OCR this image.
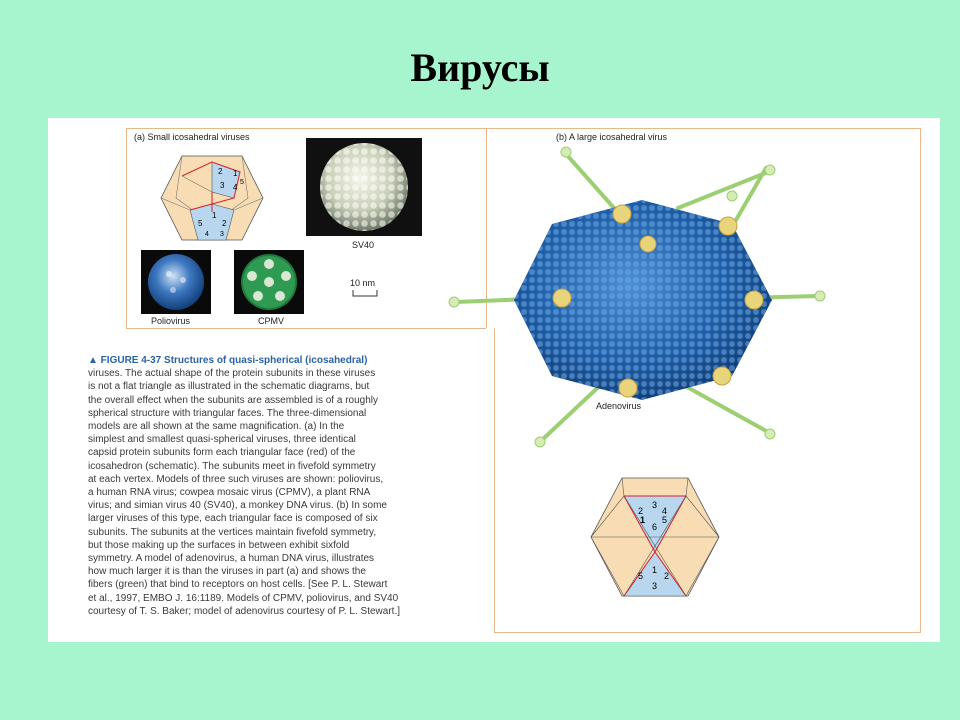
Вирусы
(a) Small icosahedral viruses	(b) A large icosahedral virus
2 1
3 4
5
1
5 2
4 3
SV40
Poliovirus	CPMV
10 nm
▲ FIGURE 4-37 Structures of quasi-spherical (icosahedral)
viruses. The actual shape of the protein subunits in these viruses
is not a flat triangle as illustrated in the schematic diagrams, but
the overall effect when the subunits are assembled is of a roughly
spherical structure with triangular faces. The three-dimensional
models are all shown at the same magnification. (a) In the
simplest and smallest quasi-spherical viruses, three identical
capsid protein subunits form each triangular face (red) of the
icosahedron (schematic). The subunits meet in fivefold symmetry
at each vertex. Models of three such viruses are shown: poliovirus,
a human RNA virus; cowpea mosaic virus (CPMV), a plant RNA
virus; and simian virus 40 (SV40), a monkey DNA virus. (b) In some
larger viruses of this type, each triangular face is composed of six
subunits. The subunits at the vertices maintain fivefold symmetry,
but those making up the surfaces in between exhibit sixfold
symmetry. A model of adenovirus, a human DNA virus, illustrates
how much larger it is than the viruses in part (a) and shows the
fibers (green) that bind to receptors on host cells. [See P. L. Stewart
et al., 1997, EMBO J. 16:1189. Models of CPMV, poliovirus, and SV40
courtesy of T. S. Baker; model of adenovirus courtesy of P. L. Stewart.]
Adenovirus
3
2 4
1 5
6
1
5 2
3
